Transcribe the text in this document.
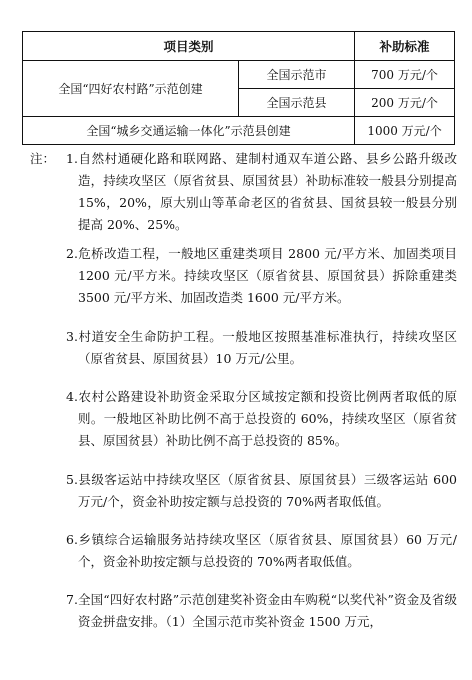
项目类别		补助标准
全国“四好农村路”示范创建	全国示范市	700 万元/个
	全国示范县	200 万元/个
全国“城乡交通运输一体化”示范县创建		1000 万元/个
注： 1.自然村通硬化路和联网路、建制村通双车道公路、县乡公路升级改造，持续攻坚区（原省贫县、原国贫县）补助标准较一般县分别提高 15%，20%，原大别山等革命老区的省贫县、国贫县较一般县分别提高 20%、25%。

2.危桥改造工程，一般地区重建类项目 2800 元/平方米、加固类项目 1200 元/平方米。持续攻坚区（原省贫县、原国贫县）拆除重建类 3500 元/平方米、加固改造类 1600 元/平方米。

3.村道安全生命防护工程。一般地区按照基准标准执行，持续攻坚区（原省贫县、原国贫县）10 万元/公里。

4.农村公路建设补助资金采取分区域按定额和投资比例两者取低的原则。一般地区补助比例不高于总投资的 60%，持续攻坚区（原省贫县、原国贫县）补助比例不高于总投资的 85%。

5.县级客运站中持续攻坚区（原省贫县、原国贫县）三级客运站 600 万元/个，资金补助按定额与总投资的 70%两者取低值。

6.乡镇综合运输服务站持续攻坚区（原省贫县、原国贫县）60 万元/个，资金补助按定额与总投资的 70%两者取低值。

7.全国“四好农村路”示范创建奖补资金由车购税“以奖代补”资金及省级资金拼盘安排。（1）全国示范市奖补资金 1500 万元，
